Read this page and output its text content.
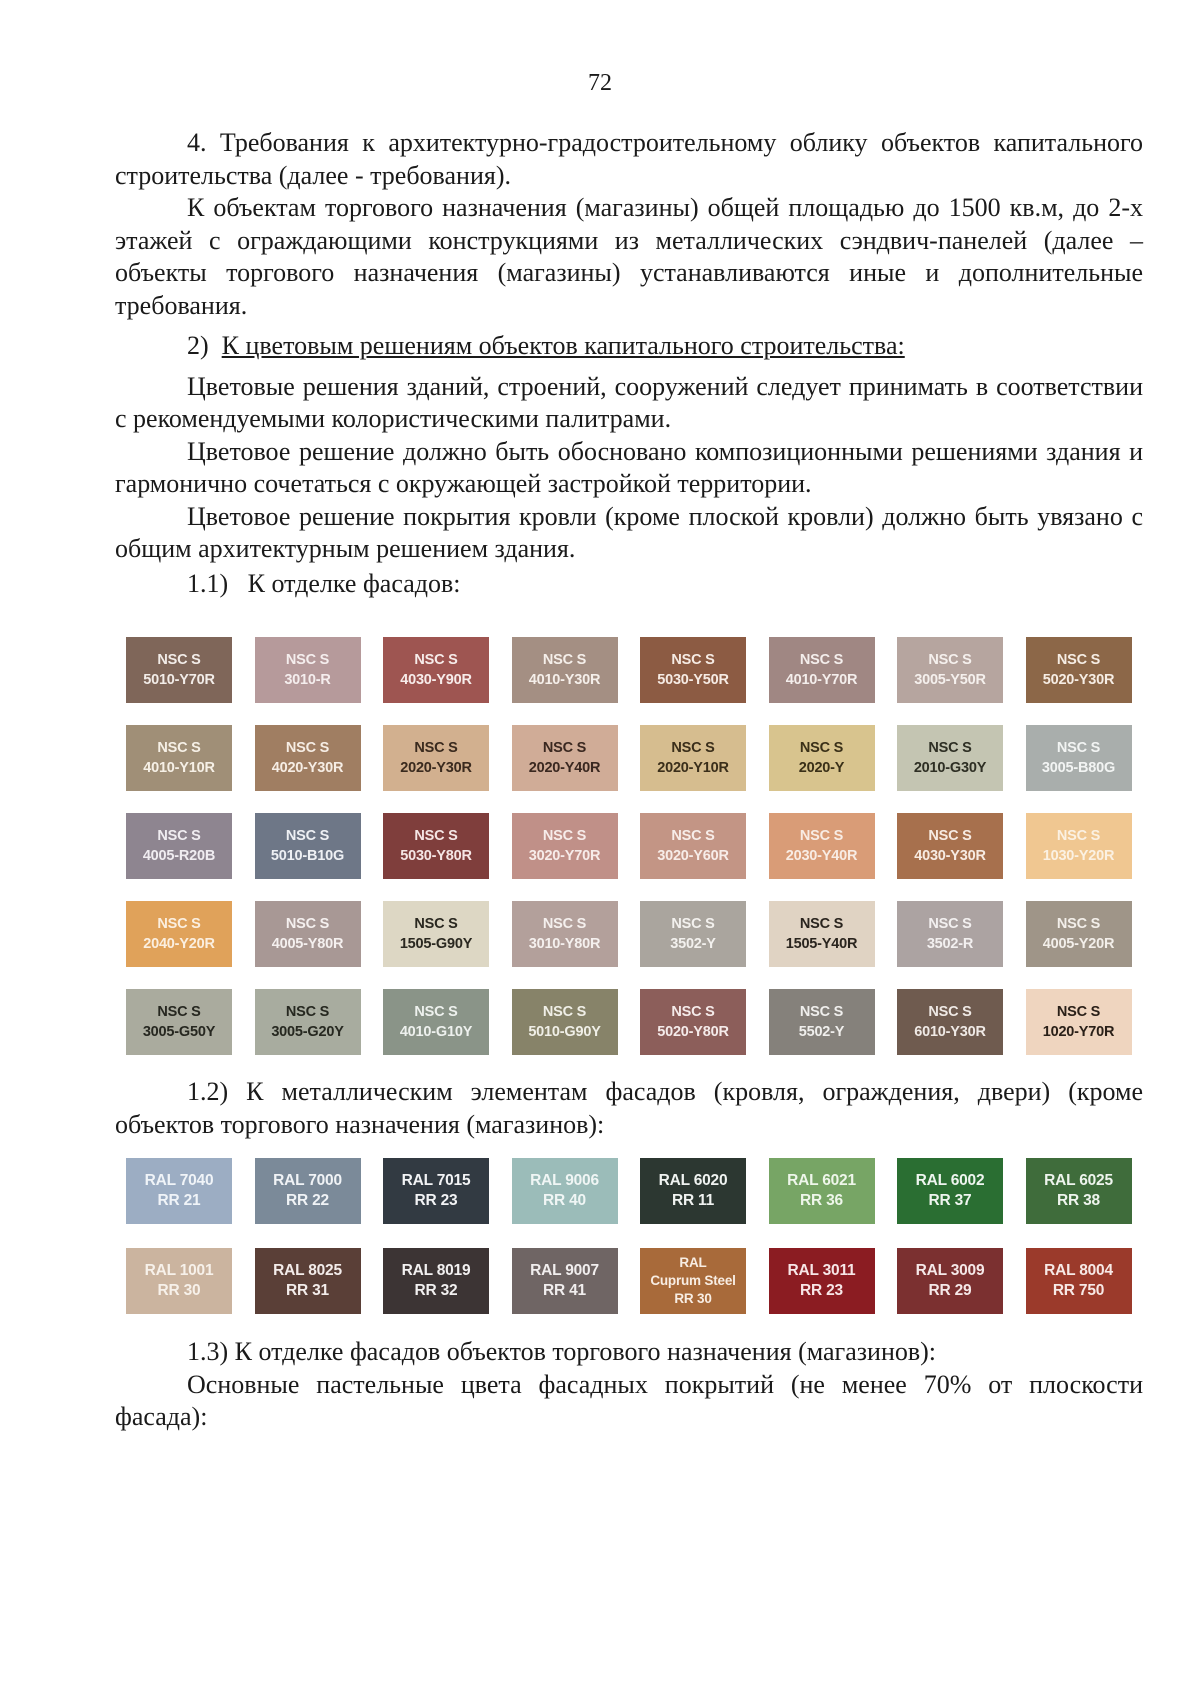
72

4. Требования к архитектурно-градостроительному облику объектов капитального строительства (далее - требования).

К объектам торгового назначения (магазины) общей площадью до 1500 кв.м, до 2-х этажей с ограждающими конструкциями из металлических сэндвич-панелей (далее – объекты торгового назначения (магазины) устанавливаются иные и дополнительные требования.

2) К цветовым решениям объектов капитального строительства:

Цветовые решения зданий, строений, сооружений следует принимать в соответствии с рекомендуемыми колористическими палитрами.

Цветовое решение должно быть обосновано композиционными решениями здания и гармонично сочетаться с окружающей застройкой территории.

Цветовое решение покрытия кровли (кроме плоской кровли) должно быть увязано с общим архитектурным решением здания.

1.1)   К отделке фасадов:

NSC S
5010-Y70R
NSC S
3010-R
NSC S
4030-Y90R
NSC S
4010-Y30R
NSC S
5030-Y50R
NSC S
4010-Y70R
NSC S
3005-Y50R
NSC S
5020-Y30R
NSC S
4010-Y10R
NSC S
4020-Y30R
NSC S
2020-Y30R
NSC S
2020-Y40R
NSC S
2020-Y10R
NSC S
2020-Y
NSC S
2010-G30Y
NSC S
3005-B80G
NSC S
4005-R20B
NSC S
5010-B10G
NSC S
5030-Y80R
NSC S
3020-Y70R
NSC S
3020-Y60R
NSC S
2030-Y40R
NSC S
4030-Y30R
NSC S
1030-Y20R
NSC S
2040-Y20R
NSC S
4005-Y80R
NSC S
1505-G90Y
NSC S
3010-Y80R
NSC S
3502-Y
NSC S
1505-Y40R
NSC S
3502-R
NSC S
4005-Y20R
NSC S
3005-G50Y
NSC S
3005-G20Y
NSC S
4010-G10Y
NSC S
5010-G90Y
NSC S
5020-Y80R
NSC S
5502-Y
NSC S
6010-Y30R
NSC S
1020-Y70R

1.2) К металлическим элементам фасадов (кровля, ограждения, двери) (кроме объектов торгового назначения (магазинов):

RAL 7040
RR 21
RAL 7000
RR 22
RAL 7015
RR 23
RAL 9006
RR 40
RAL 6020
RR 11
RAL 6021
RR 36
RAL 6002
RR 37
RAL 6025
RR 38
RAL 1001
RR 30
RAL 8025
RR 31
RAL 8019
RR 32
RAL 9007
RR 41
RAL
Cuprum Steel
RR 30
RAL 3011
RR 23
RAL 3009
RR 29
RAL 8004
RR 750

1.3) К отделке фасадов объектов торгового назначения (магазинов):

Основные пастельные цвета фасадных покрытий (не менее 70% от плоскости фасада):
